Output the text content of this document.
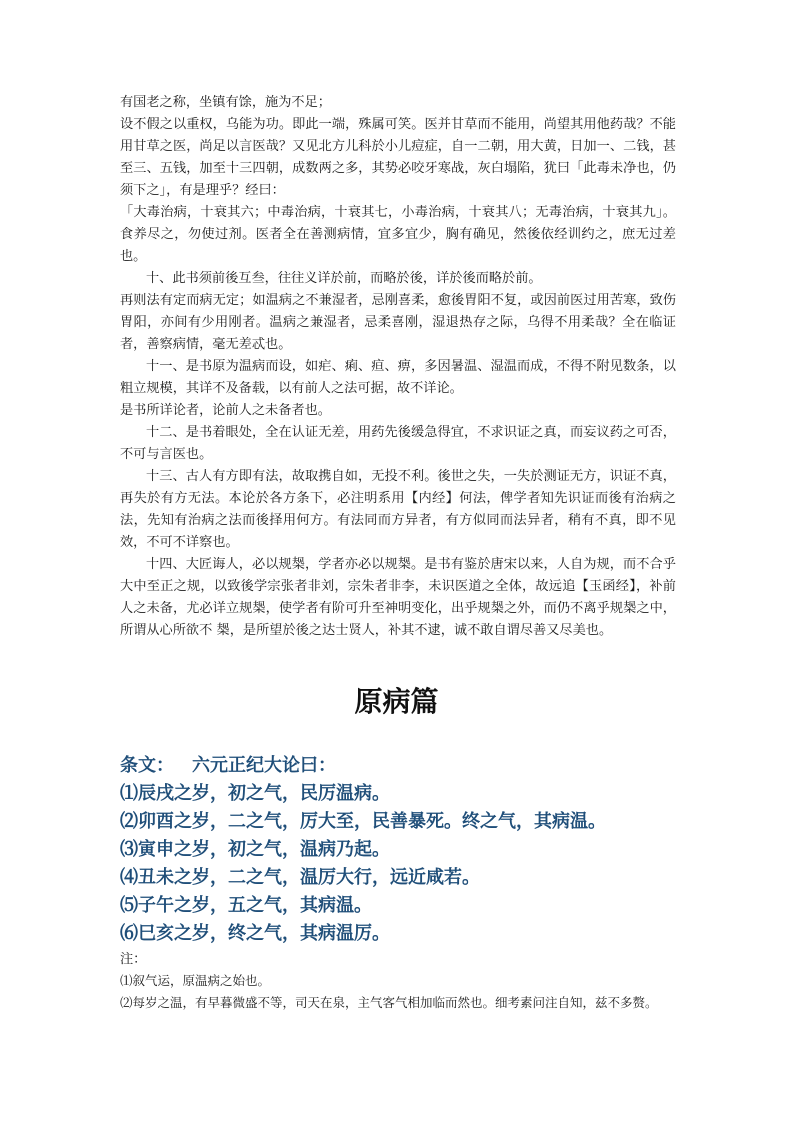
有国老之称，坐镇有馀，施为不足；

设不假之以重权，乌能为功。即此一端，殊属可笑。医并甘草而不能用，尚望其用他药哉？不能用甘草之医，尚足以言医哉？又见北方儿科於小儿痘症，自一二朝，用大黄，日加一、二钱，甚至三、五钱，加至十三四朝，成数两之多，其势必咬牙寒战，灰白塌陷，犹曰「此毒未净也，仍须下之」，有是理乎？经曰：

「大毒治病，十衰其六；中毒治病，十衰其七，小毒治病，十衰其八；无毒治病，十衰其九」。食养尽之，勿使过剂。医者全在善测病情，宜多宜少，胸有确见，然後依经训约之，庶无过差也。

十、此书须前後互叁，往往义详於前，而略於後，详於後而略於前。

再则法有定而病无定；如温病之不兼湿者，忌刚喜柔，愈後胃阳不复，或因前医过用苦寒，致伤胃阳，亦间有少用刚者。温病之兼湿者，忌柔喜刚，湿退热存之际，乌得不用柔哉？全在临证者，善察病情，毫无差忒也。

十一、是书原为温病而设，如疟、痢、疸、痹，多因暑温、湿温而成，不得不附见数条，以粗立规模，其详不及备载，以有前人之法可据，故不详论。

是书所详论者，论前人之未备者也。

十二、是书着眼处，全在认证无差，用药先後缓急得宜，不求识证之真，而妄议药之可否，不可与言医也。

十三、古人有方即有法，故取携自如，无投不利。後世之失，一失於测证无方，识证不真，再失於有方无法。本论於各方条下，必注明系用【内经】何法，俾学者知先识证而後有治病之法，先知有治病之法而後择用何方。有法同而方异者，有方似同而法异者，稍有不真，即不见效，不可不详察也。

十四、大匠诲人，必以规椝，学者亦必以规椝。是书有鉴於唐宋以来，人自为规，而不合乎大中至正之规，以致後学宗张者非刘，宗朱者非李，未识医道之全体，故远追【玉函经】，补前人之未备，尤必详立规椝，使学者有阶可升至神明变化，出乎规椝之外，而仍不离乎规椝之中，所谓从心所欲不 椝，是所望於後之达士贤人，补其不逮，诚不敢自谓尽善又尽美也。

原病篇

条文： 六元正纪大论曰：

⑴辰戌之岁，初之气，民厉温病。

⑵卯酉之岁，二之气，厉大至，民善暴死。终之气，其病温。

⑶寅申之岁，初之气，温病乃起。

⑷丑未之岁，二之气，温厉大行，远近咸若。

⑸子午之岁，五之气，其病温。

⑹巳亥之岁，终之气，其病温厉。

注：

⑴叙气运，原温病之始也。

⑵每岁之温，有早暮微盛不等，司天在泉，主气客气相加临而然也。细考素问注自知，兹不多赘。
